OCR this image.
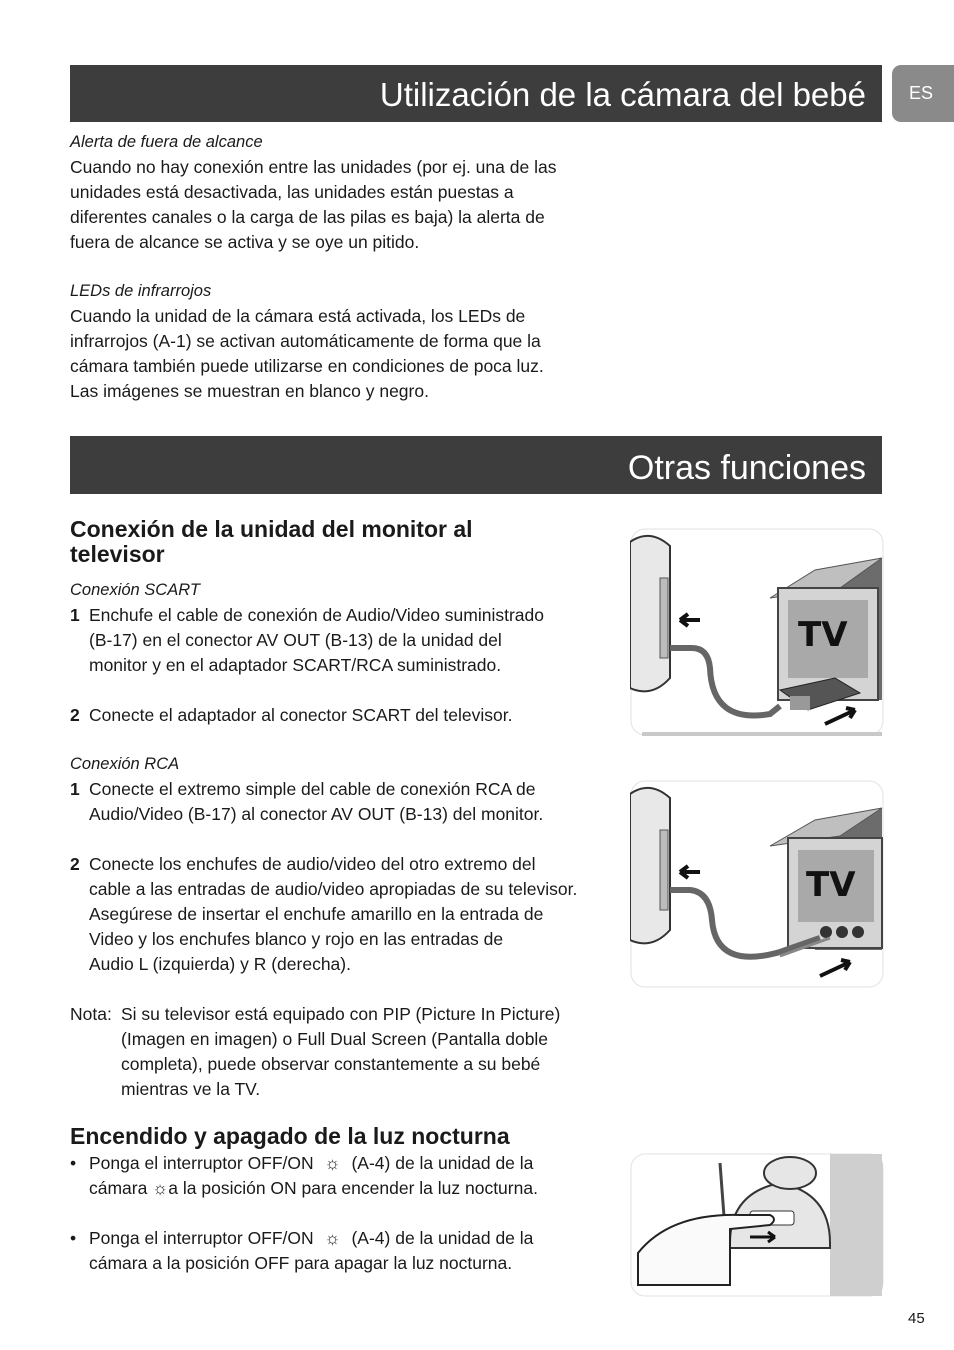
Utilización de la cámara del bebé	ES
Alerta de fuera de alcance
Cuando no hay conexión entre las unidades (por ej. una de las
unidades está desactivada, las unidades están puestas a
diferentes canales o la carga de las pilas es baja) la alerta de
fuera de alcance se activa y se oye un pitido.
LEDs de infrarrojos
Cuando la unidad de la cámara está activada, los LEDs de
infrarrojos (A-1) se activan automáticamente de forma que la
cámara también puede utilizarse en condiciones de poca luz.
Las imágenes se muestran en blanco y negro.
Otras funciones
Conexión de la unidad del monitor al
televisor
Conexión SCART
1 Enchufe el cable de conexión de Audio/Video suministrado
(B-17) en el conector AV OUT (B-13) de la unidad del
monitor y en el adaptador SCART/RCA suministrado.
2 Conecte el adaptador al conector SCART del televisor.
Conexión RCA
1 Conecte el extremo simple del cable de conexión RCA de
Audio/Video (B-17) al conector AV OUT (B-13) del monitor.
2 Conecte los enchufes de audio/video del otro extremo del
cable a las entradas de audio/video apropiadas de su televisor.
Asegúrese de insertar el enchufe amarillo en la entrada de
Video y los enchufes blanco y rojo en las entradas de
Audio L (izquierda) y R (derecha).
Nota: Si su televisor está equipado con PIP (Picture In Picture)
(Imagen en imagen) o Full Dual Screen (Pantalla doble
completa), puede observar constantemente a su bebé
mientras ve la TV.
Encendido y apagado de la luz nocturna
• Ponga el interruptor OFF/ON ☼ (A-4) de la unidad de la
cámara ☼a la posición ON para encender la luz nocturna.
• Ponga el interruptor OFF/ON ☼ (A-4) de la unidad de la
cámara a la posición OFF para apagar la luz nocturna.
TV
TV
45
